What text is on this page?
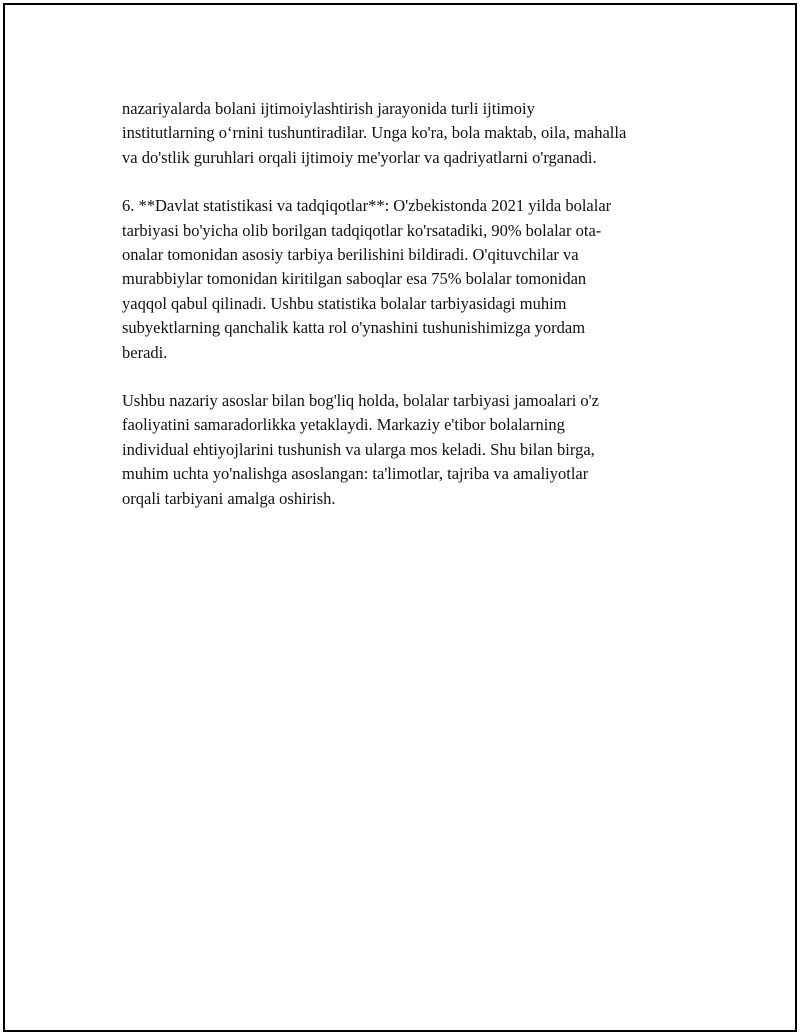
nazariyalarda bolani ijtimoiylashtirish jarayonida turli ijtimoiy
institutlarning o‘rnini tushuntiradilar. Unga ko'ra, bola maktab, oila, mahalla
va do'stlik guruhlari orqali ijtimoiy me'yorlar va qadriyatlarni o'rganadi.

6. **Davlat statistikasi va tadqiqotlar**: O'zbekistonda 2021 yilda bolalar
tarbiyasi bo'yicha olib borilgan tadqiqotlar ko'rsatadiki, 90% bolalar ota-
onalar tomonidan asosiy tarbiya berilishini bildiradi. O'qituvchilar va
murabbiylar tomonidan kiritilgan saboqlar esa 75% bolalar tomonidan
yaqqol qabul qilinadi. Ushbu statistika bolalar tarbiyasidagi muhim
subyektlarning qanchalik katta rol o'ynashini tushunishimizga yordam
beradi.

Ushbu nazariy asoslar bilan bog'liq holda, bolalar tarbiyasi jamoalari o'z
faoliyatini samaradorlikka yetaklaydi. Markaziy e'tibor bolalarning
individual ehtiyojlarini tushunish va ularga mos keladi. Shu bilan birga,
muhim uchta yo'nalishga asoslangan: ta'limotlar, tajriba va amaliyotlar
orqali tarbiyani amalga oshirish.
